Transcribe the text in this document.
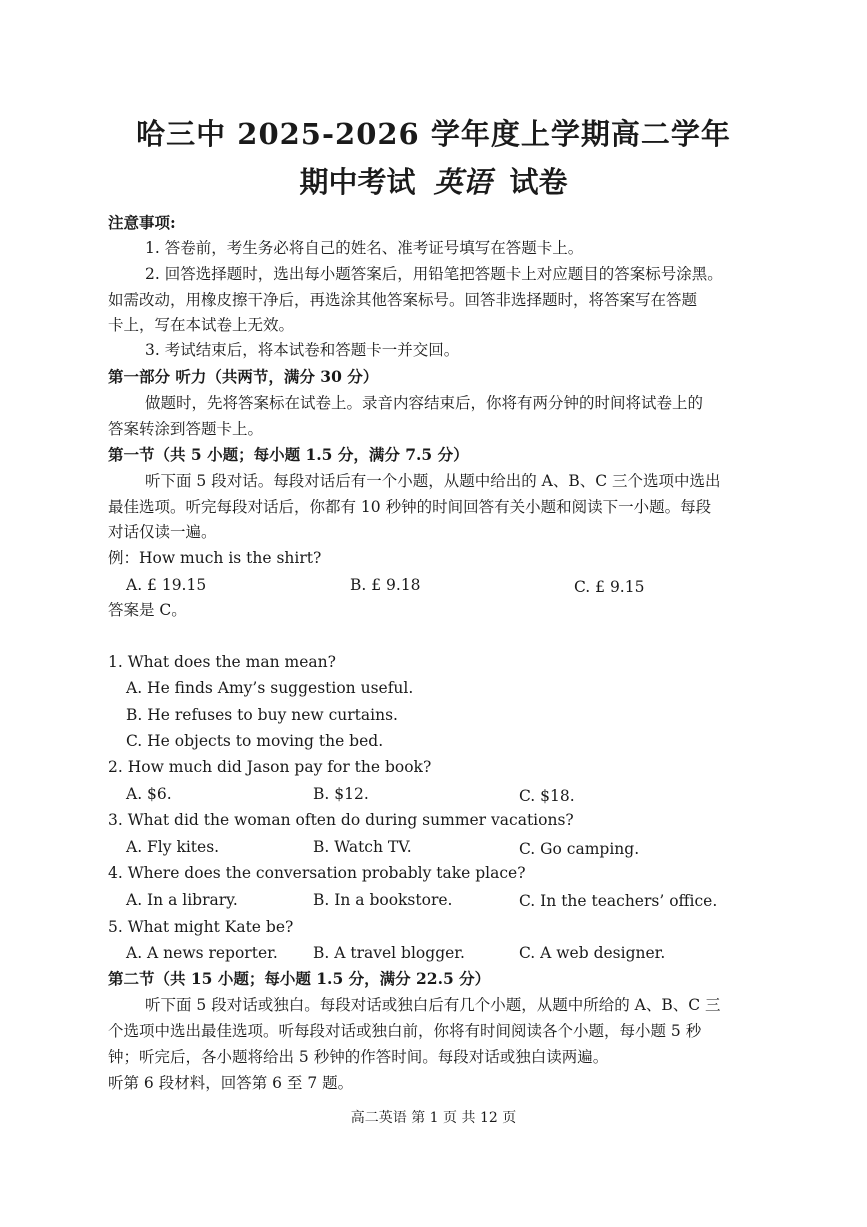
哈三中 2025-2026 学年度上学期高二学年
期中考试 英语 试卷
注意事项:
1. 答卷前，考生务必将自己的姓名、准考证号填写在答题卡上。
2. 回答选择题时，选出每小题答案后，用铅笔把答题卡上对应题目的答案标号涂黑。
如需改动，用橡皮擦干净后，再选涂其他答案标号。回答非选择题时，将答案写在答题
卡上，写在本试卷上无效。
3. 考试结束后，将本试卷和答题卡一并交回。
第一部分 听力（共两节，满分 30 分）
做题时，先将答案标在试卷上。录音内容结束后，你将有两分钟的时间将试卷上的
答案转涂到答题卡上。
第一节（共 5 小题；每小题 1.5 分，满分 7.5 分）
听下面 5 段对话。每段对话后有一个小题，从题中给出的 A、B、C 三个选项中选出
最佳选项。听完每段对话后，你都有 10 秒钟的时间回答有关小题和阅读下一小题。每段
对话仅读一遍。
例：How much is the shirt?
A. £ 19.15	B. £ 9.18	C. £ 9.15
答案是 C。
1. What does the man mean?
A. He finds Amy’s suggestion useful.
B. He refuses to buy new curtains.
C. He objects to moving the bed.
2. How much did Jason pay for the book?
A. $6.	B. $12.	C. $18.
3. What did the woman often do during summer vacations?
A. Fly kites.	B. Watch TV.	C. Go camping.
4. Where does the conversation probably take place?
A. In a library.	B. In a bookstore.	C. In the teachers’ office.
5. What might Kate be?
A. A news reporter. B. A travel blogger.	C. A web designer.
第二节（共 15 小题；每小题 1.5 分，满分 22.5 分）
听下面 5 段对话或独白。每段对话或独白后有几个小题，从题中所给的 A、B、C 三
个选项中选出最佳选项。听每段对话或独白前，你将有时间阅读各个小题，每小题 5 秒
钟；听完后，各小题将给出 5 秒钟的作答时间。每段对话或独白读两遍。
听第 6 段材料，回答第 6 至 7 题。
高二英语 第 1 页 共 12 页
